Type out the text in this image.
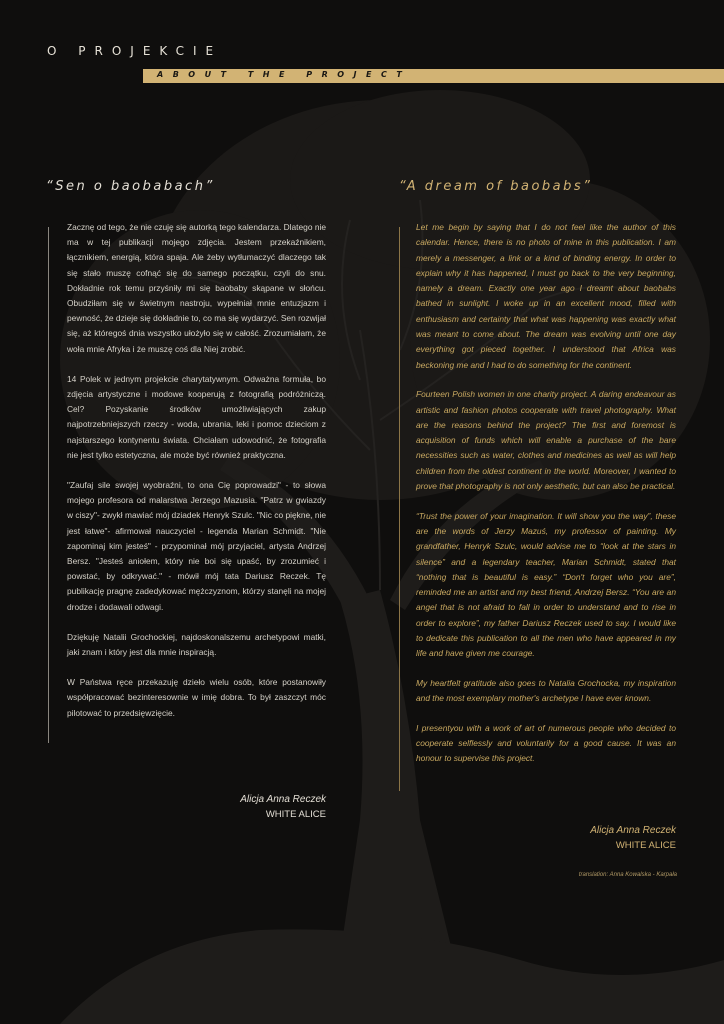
O PROJEKCIE
ABOUT THE PROJECT
“Sen o baobabach”	“A dream of baobabs”

Zacznę od tego, że nie czuję się autorką tego kalendarza. Dlatego nie ma w tej publikacji mojego zdjęcia. Jestem przekaźnikiem, łącznikiem, energią, która spaja. Ale żeby wytłumaczyć dlaczego tak się stało muszę cofnąć się do samego początku, czyli do snu. Dokładnie rok temu przyśniły mi się baobaby skąpane w słońcu. Obudziłam się w świetnym nastroju, wypełniał mnie entuzjazm i pewność, że dzieje się dokładnie to, co ma się wydarzyć. Sen rozwijał się, aż któregoś dnia wszystko ułożyło się w całość. Zrozumiałam, że woła mnie Afryka i że muszę coś dla Niej zrobić.

14 Polek w jednym projekcie charytatywnym. Odważna formuła, bo zdjęcia artystyczne i modowe kooperują z fotografią podróżniczą. Cel? Pozyskanie środków umożliwiających zakup najpotrzebniejszych rzeczy - woda, ubrania, leki i pomoc dzieciom z najstarszego kontynentu świata. Chciałam udowodnić, że fotografia nie jest tylko estetyczna, ale może być również praktyczna.

"Zaufaj sile swojej wyobraźni, to ona Cię poprowadzi" - to słowa mojego profesora od malarstwa Jerzego Mazusia. "Patrz w gwiazdy w ciszy"- zwykł mawiać mój dziadek Henryk Szulc. "Nic co piękne, nie jest łatwe"- afirmował nauczyciel - legenda Marian Schmidt. "Nie zapominaj kim jesteś" - przypominał mój przyjaciel, artysta Andrzej Bersz. "Jesteś aniołem, który nie boi się upaść, by zrozumieć i powstać, by odkrywać." - mówił mój tata Dariusz Reczek. Tę publikację pragnę zadedykować mężczyznom, którzy stanęli na mojej drodze i dodawali odwagi.

Dziękuję Natalii Grochockiej, najdoskonalszemu archetypowi matki, jaki znam i który jest dla mnie inspiracją.

W Państwa ręce przekazuję dzieło wielu osób, które postanowiły współpracować bezinteresownie w imię dobra. To był zaszczyt móc pilotować to przedsięwzięcie.

Let me begin by saying that I do not feel like the author of this calendar. Hence, there is no photo of mine in this publication. I am merely a messenger, a link or a kind of binding energy. In order to explain why it has happened, I must go back to the very beginning, namely a dream. Exactly one year ago I dreamt about baobabs bathed in sunlight. I woke up in an excellent mood, filled with enthusiasm and certainty that what was happening was exactly what was meant to come about. The dream was evolving until one day everything got pieced together. I understood that Africa was beckoning me and I had to do something for the continent.

Fourteen Polish women in one charity project. A daring endeavour as artistic and fashion photos cooperate with travel photography. What are the reasons behind the project? The first and foremost is acquisition of funds which will enable a purchase of the bare necessities such as water, clothes and medicines as well as will help children from the oldest continent in the world. Moreover, I wanted to prove that photography is not only aesthetic, but can also be practical.

“Trust the power of your imagination. It will show you the way”, these are the words of Jerzy Mazuś, my professor of painting. My grandfather, Henryk Szulc, would advise me to “look at the stars in silence” and a legendary teacher, Marian Schmidt, stated that “nothing that is beautiful is easy.” “Don't forget who you are”, reminded me an artist and my best friend, Andrzej Bersz. “You are an angel that is not afraid to fall in order to understand and to rise in order to explore”, my father Dariusz Reczek used to say. I would like to dedicate this publication to all the men who have appeared in my life and have given me courage.

My heartfelt gratitude also goes to Natalia Grochocka, my inspiration and the most exemplary mother's archetype I have ever known.

I presentyou with a work of art of numerous people who decided to cooperate selflessly and voluntarily for a good cause. It was an honour to supervise this project.

Alicja Anna Reczek
WHITE ALICE
Alicja Anna Reczek
WHITE ALICE
translation: Anna Kowalska - Karpała
